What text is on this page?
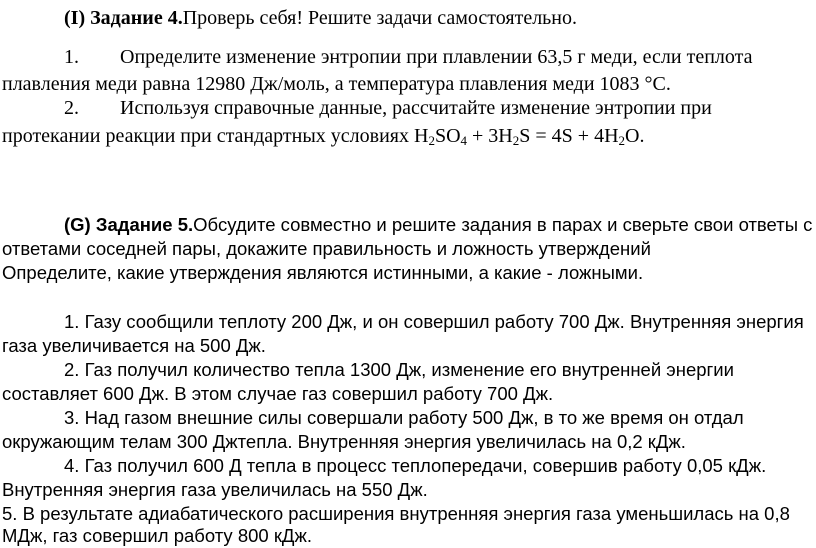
(I) Задание 4.Проверь себя! Решите задачи самостоятельно.
1. Определите изменение энтропии при плавлении 63,5 г меди, если теплота
плавления меди равна 12980 Дж/моль, а температура плавления меди 1083 °С.
2. Используя справочные данные, рассчитайте изменение энтропии при
протекании реакции при стандартных условиях $H_2SO_4 + 3H_2S = 4S + 4H_2O$.
(G) Задание 5.Обсудите совместно и решите задания в парах и сверьте свои ответы с
ответами соседней пары, докажите правильность и ложность утверждений
Определите, какие утверждения являются истинными, а какие - ложными.
1. Газу сообщили теплоту 200 Дж, и он совершил работу 700 Дж. Внутренняя энергия
газа увеличивается на 500 Дж.
2. Газ получил количество тепла 1300 Дж, изменение его внутренней энергии
составляет 600 Дж. В этом случае газ совершил работу 700 Дж.
3. Над газом внешние силы совершали работу 500 Дж, в то же время он отдал
окружающим телам 300 Джтепла. Внутренняя энергия увеличилась на 0,2 кДж.
4. Газ получил 600 Д тепла в процесс теплопередачи, совершив работу 0,05 кДж.
Внутренняя энергия газа увеличилась на 550 Дж.
5. В результате адиабатического расширения внутренняя энергия газа уменьшилась на 0,8
МДж, газ совершил работу 800 кДж.
